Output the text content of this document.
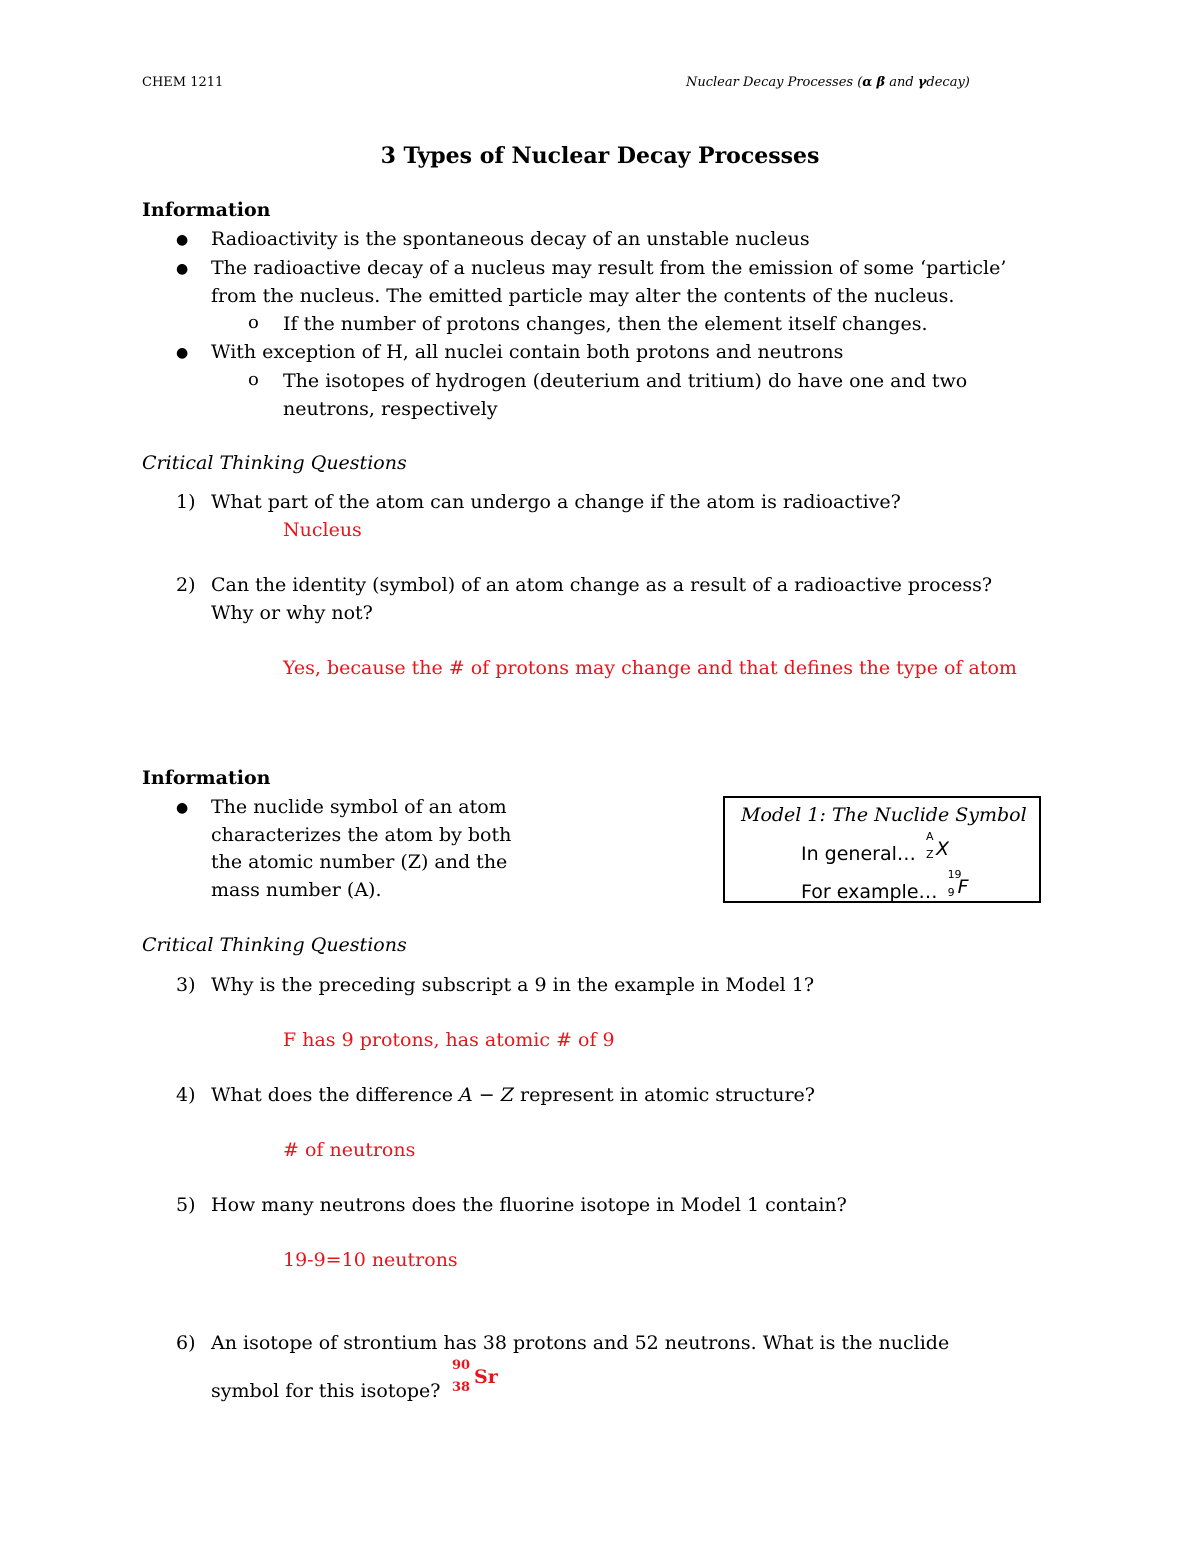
CHEM 1211	Nuclear Decay Processes (α β and γdecay)
3 Types of Nuclear Decay Processes
Information
● Radioactivity is the spontaneous decay of an unstable nucleus
● The radioactive decay of a nucleus may result from the emission of some ‘particle’
from the nucleus. The emitted particle may alter the contents of the nucleus.
o If the number of protons changes, then the element itself changes.
● With exception of H, all nuclei contain both protons and neutrons
o The isotopes of hydrogen (deuterium and tritium) do have one and two
neutrons, respectively
Critical Thinking Questions
1) What part of the atom can undergo a change if the atom is radioactive?
Nucleus
2) Can the identity (symbol) of an atom change as a result of a radioactive process?
Why or why not?
Yes, because the # of protons may change and that defines the type of atom
Information
● The nuclide symbol of an atom
characterizes the atom by both
the atomic number (Z) and the
mass number (A).
Model 1: The Nuclide Symbol
In general…
A
Z X
For example…
19
9 F
Critical Thinking Questions
3) Why is the preceding subscript a 9 in the example in Model 1?
F has 9 protons, has atomic # of 9
4) What does the difference A − Z represent in atomic structure?
# of neutrons
5) How many neutrons does the fluorine isotope in Model 1 contain?
19-9=10 neutrons
6) An isotope of strontium has 38 protons and 52 neutrons. What is the nuclide
symbol for this isotope?
90
38 Sr
